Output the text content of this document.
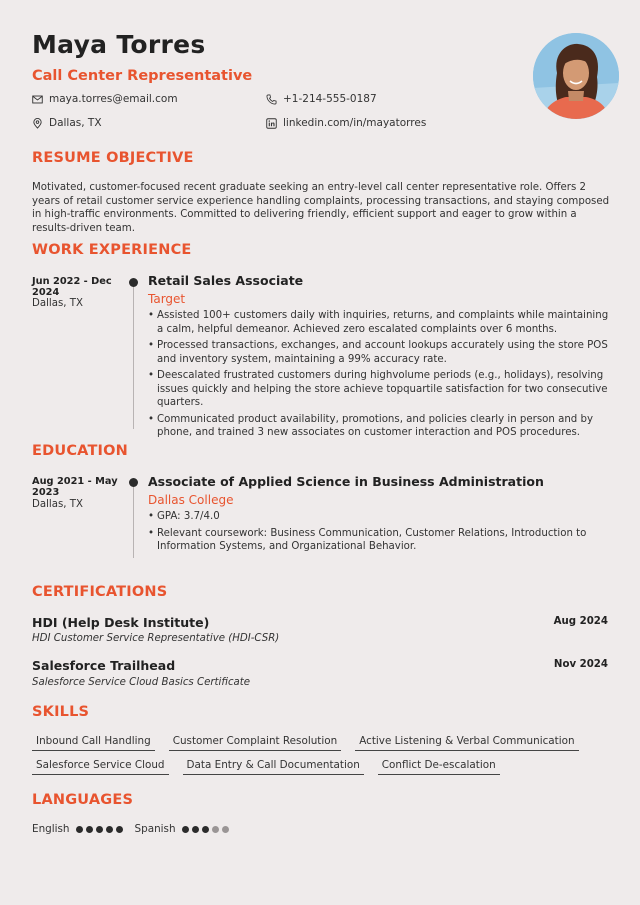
Maya Torres
Call Center Representative
maya.torres@email.com	+1-214-555-0187
Dallas, TX	linkedin.com/in/mayatorres
RESUME OBJECTIVE
Motivated, customer-focused recent graduate seeking an entry-level call center representative role. Offers 2 years of retail customer service experience handling complaints, processing transactions, and staying composed in high-traffic environments. Committed to delivering friendly, efficient support and eager to grow within a results-driven team.
WORK EXPERIENCE
Jun 2022 - Dec 2024
Dallas, TX
Retail Sales Associate
Target
• Assisted 100+ customers daily with inquiries, returns, and complaints while maintaining a calm, helpful demeanor. Achieved zero escalated complaints over 6 months.
• Processed transactions, exchanges, and account lookups accurately using the store POS and inventory system, maintaining a 99% accuracy rate.
• Deescalated frustrated customers during highvolume periods (e.g., holidays), resolving issues quickly and helping the store achieve topquartile satisfaction for two consecutive quarters.
• Communicated product availability, promotions, and policies clearly in person and by phone, and trained 3 new associates on customer interaction and POS procedures.
EDUCATION
Aug 2021 - May 2023
Dallas, TX
Associate of Applied Science in Business Administration
Dallas College
• GPA: 3.7/4.0
• Relevant coursework: Business Communication, Customer Relations, Introduction to Information Systems, and Organizational Behavior.
CERTIFICATIONS
HDI (Help Desk Institute)	Aug 2024
HDI Customer Service Representative (HDI-CSR)
Salesforce Trailhead	Nov 2024
Salesforce Service Cloud Basics Certificate
SKILLS
Inbound Call Handling	Customer Complaint Resolution	Active Listening & Verbal Communication
Salesforce Service Cloud	Data Entry & Call Documentation	Conflict De-escalation
LANGUAGES
English	Spanish
